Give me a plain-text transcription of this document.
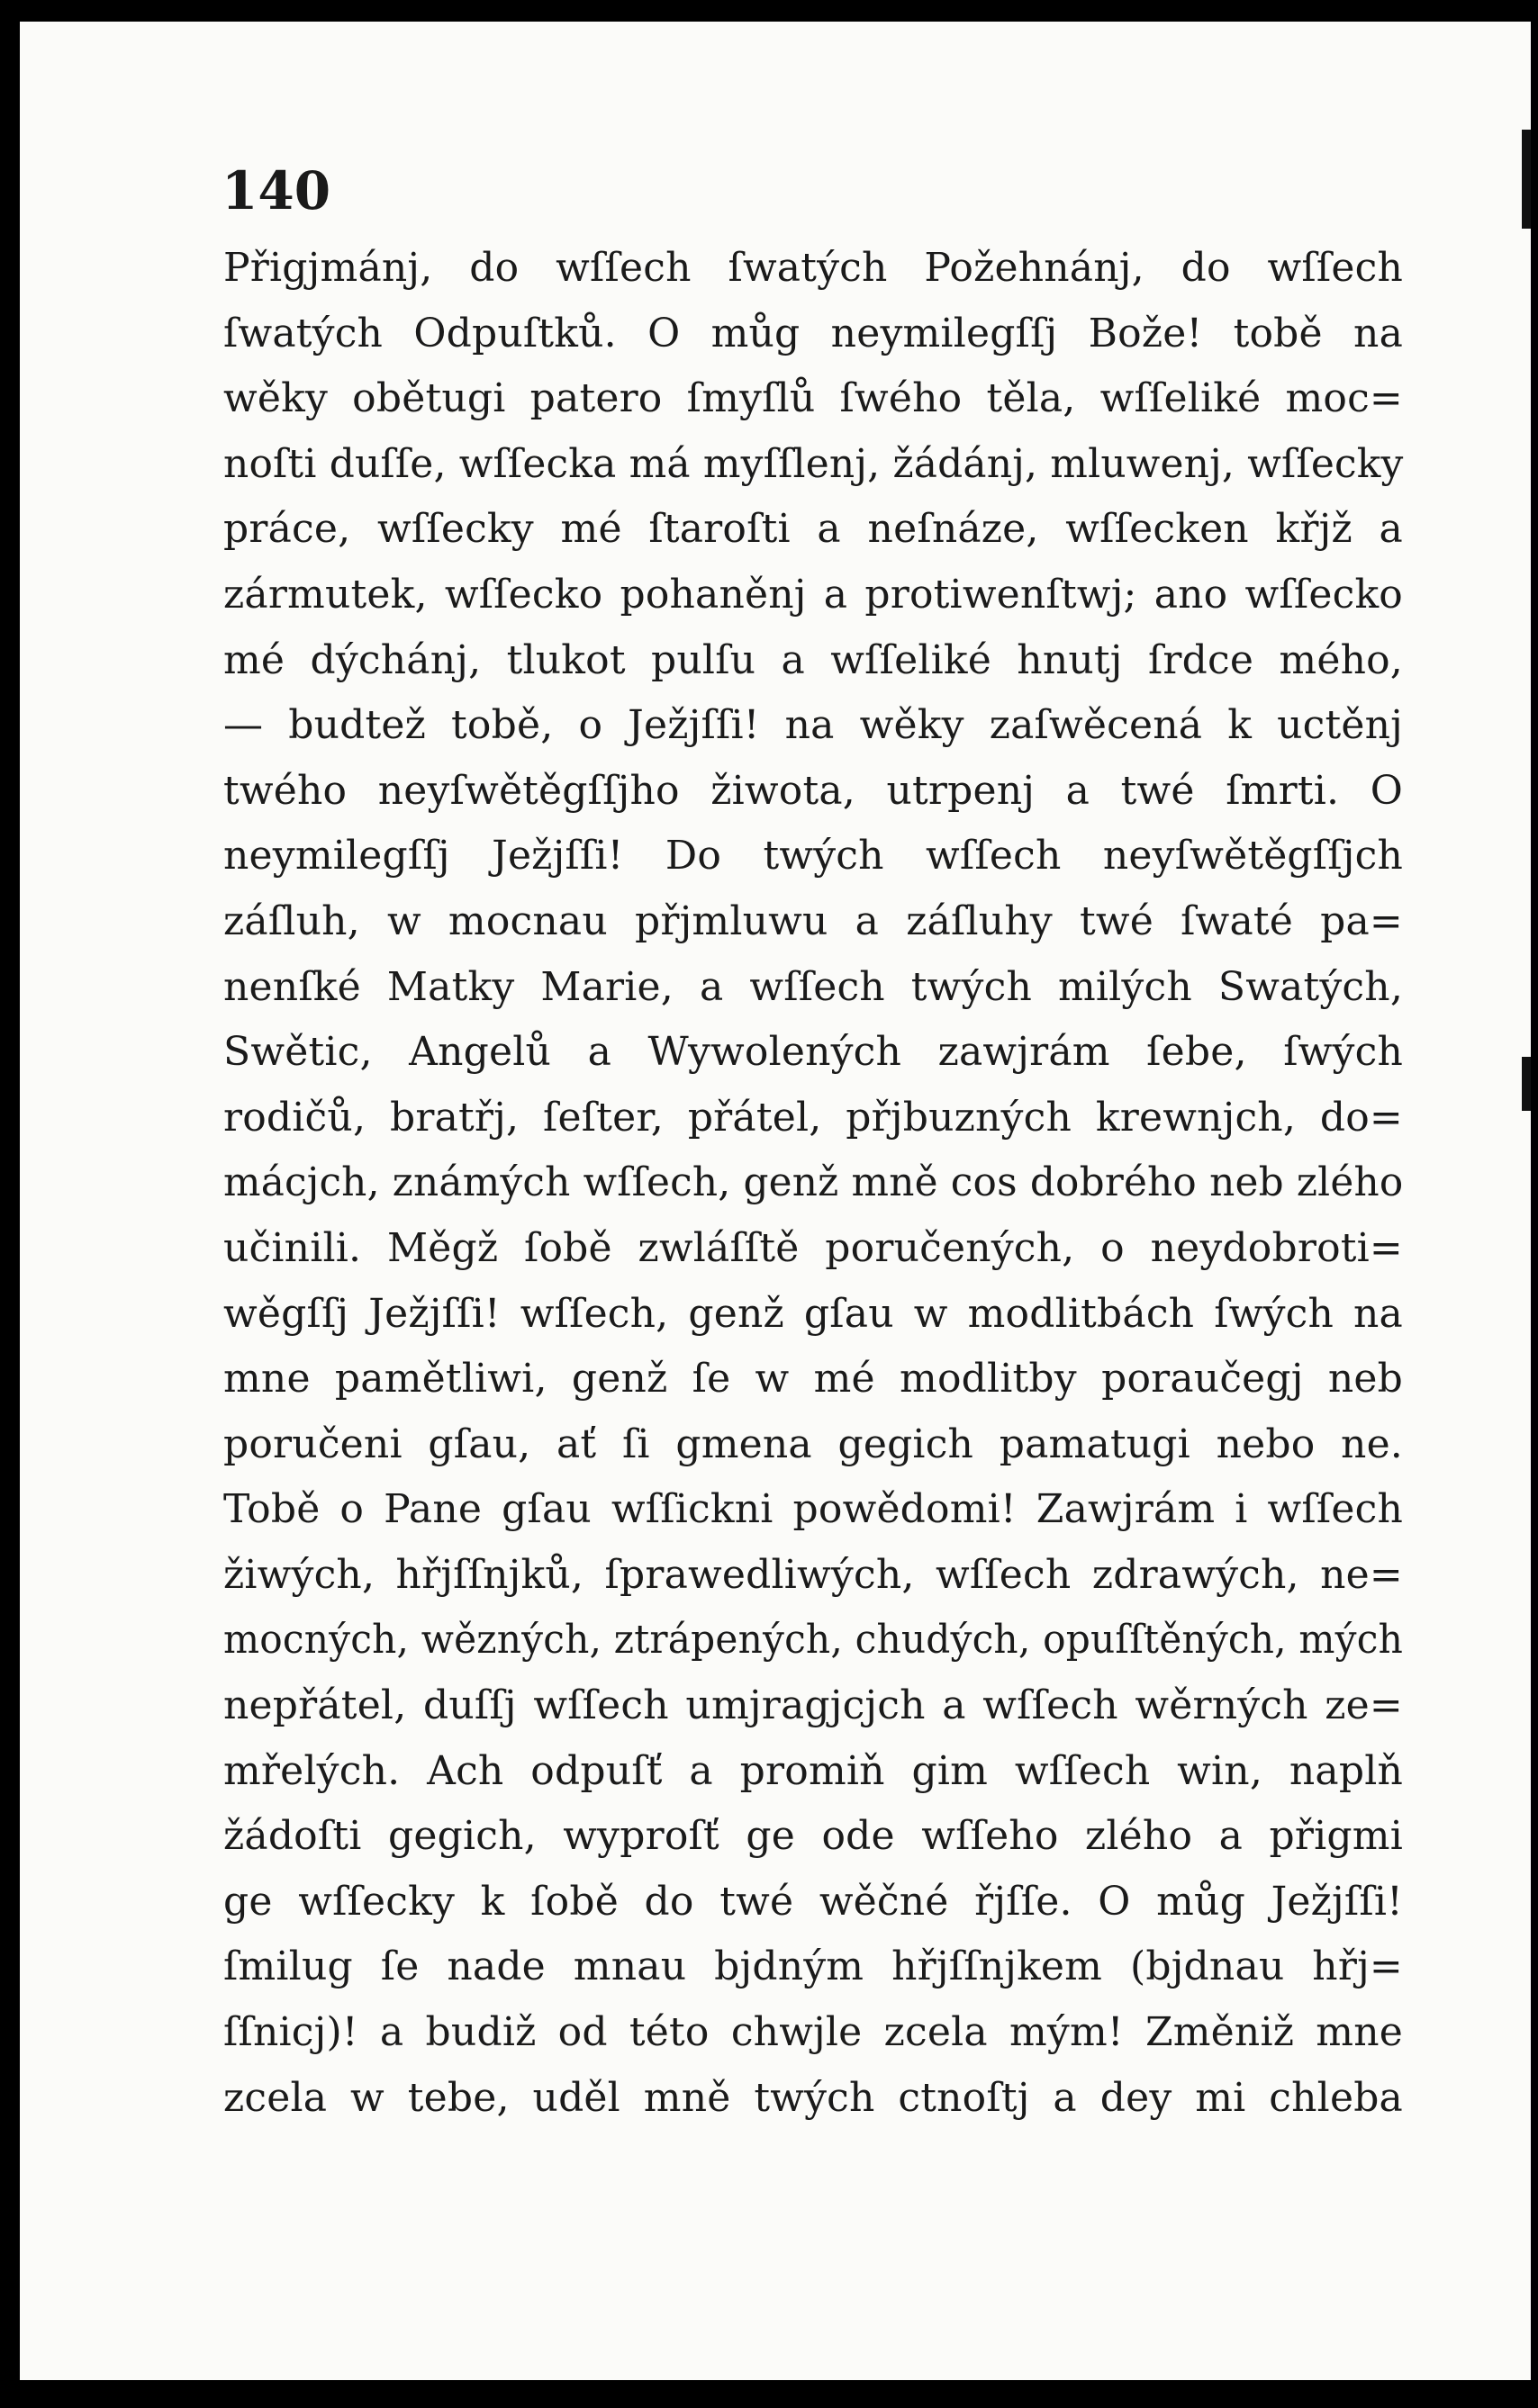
140
Přigjmánj, do wſſech ſwatých Požehnánj, do wſſech
ſwatých Odpuſtků. O můg neymilegſſj Bože! tobě na
wěky obětugi patero ſmyſlů ſwého těla, wſſeliké moc=
noſti duſſe, wſſecka má myſſlenj, žádánj, mluwenj, wſſecky
práce, wſſecky mé ſtaroſti a neſnáze, wſſecken křjž a
zármutek, wſſecko pohaněnj a protiwenſtwj; ano wſſecko
mé dýchánj, tlukot pulſu a wſſeliké hnutj ſrdce mého,
— budtež tobě, o Ježjſſi! na wěky zaſwěcená k uctěnj
twého neyſwětěgſſjho žiwota, utrpenj a twé ſmrti. O
neymilegſſj Ježjſſi! Do twých wſſech neyſwětěgſſjch
záſluh, w mocnau přjmluwu a záſluhy twé ſwaté pa=
nenſké Matky Marie, a wſſech twých milých Swatých,
Swětic, Angelů a Wywolených zawjrám ſebe, ſwých
rodičů, bratřj, ſeſter, přátel, přjbuzných krewnjch, do=
mácjch, známých wſſech, genž mně cos dobrého neb zlého
učinili. Měgž ſobě zwláſſtě poručených, o neydobroti=
wěgſſj Ježjſſi! wſſech, genž gſau w modlitbách ſwých na
mne pamětliwi, genž ſe w mé modlitby poraučegj neb
poručeni gſau, ať ſi gmena gegich pamatugi nebo ne.
Tobě o Pane gſau wſſickni powědomi! Zawjrám i wſſech
žiwých, hřjſſnjků, ſprawedliwých, wſſech zdrawých, ne=
mocných, wězných, ztrápených, chudých, opuſſtěných, mých
nepřátel, duſſj wſſech umjragjcjch a wſſech wěrných ze=
mřelých. Ach odpuſť a promiň gim wſſech win, naplň
žádoſti gegich, wyproſť ge ode wſſeho zlého a přigmi
ge wſſecky k ſobě do twé wěčné řjſſe. O můg Ježjſſi!
ſmilug ſe nade mnau bjdným hřjſſnjkem (bjdnau hřj=
ſſnicj)! a budiž od této chwjle zcela mým! Změniž mne
zcela w tebe, uděl mně twých ctnoſtj a dey mi chleba
